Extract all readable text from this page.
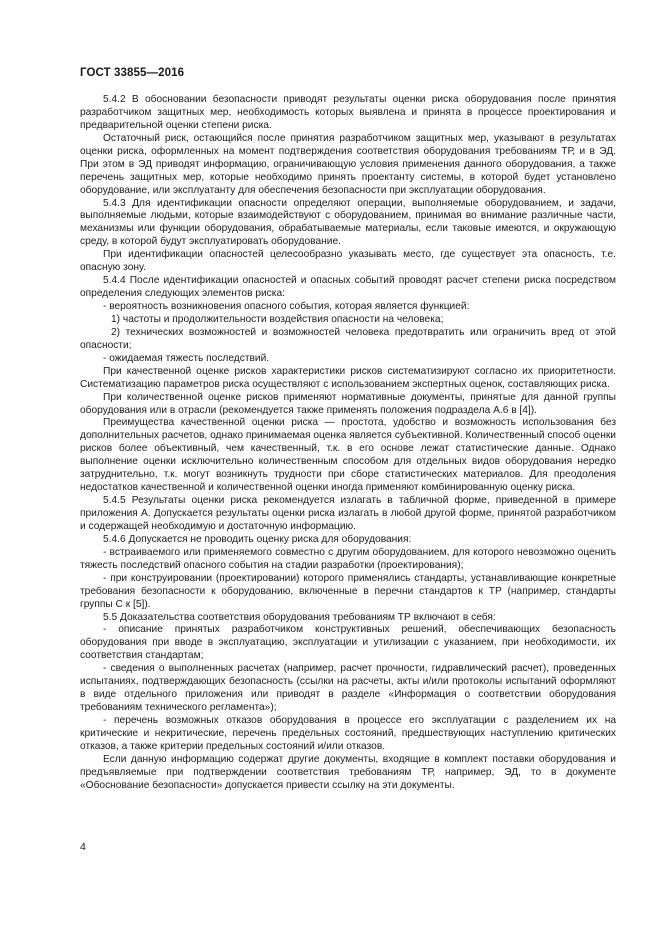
ГОСТ 33855—2016

5.4.2 В обосновании безопасности приводят результаты оценки риска оборудования после принятия разработчиком защитных мер, необходимость которых выявлена и принята в процессе проектирования и предварительной оценки степени риска.

Остаточный риск, остающийся после принятия разработчиком защитных мер, указывают в результатах оценки риска, оформленных на момент подтверждения соответствия оборудования требованиям ТР, и в ЭД. При этом в ЭД приводят информацию, ограничивающую условия применения данного оборудования, а также перечень защитных мер, которые необходимо принять проектанту системы, в которой будет установлено оборудование, или эксплуатанту для обеспечения безопасности при эксплуатации оборудования.

5.4.3 Для идентификации опасности определяют операции, выполняемые оборудованием, и задачи, выполняемые людьми, которые взаимодействуют с оборудованием, принимая во внимание различные части, механизмы или функции оборудования, обрабатываемые материалы, если таковые имеются, и окружающую среду, в которой будут эксплуатировать оборудование.

При идентификации опасностей целесообразно указывать место, где существует эта опасность, т.е. опасную зону.

5.4.4 После идентификации опасностей и опасных событий проводят расчет степени риска посредством определения следующих элементов риска:

- вероятность возникновения опасного события, которая является функцией:

1) частоты и продолжительности воздействия опасности на человека;

2) технических возможностей и возможностей человека предотвратить или ограничить вред от этой опасности;

- ожидаемая тяжесть последствий.

При качественной оценке рисков характеристики рисков систематизируют согласно их приоритетности. Систематизацию параметров риска осуществляют с использованием экспертных оценок, составляющих риска.

При количественной оценке рисков применяют нормативные документы, принятые для данной группы оборудования или в отрасли (рекомендуется также применять положения подраздела А.6 в [4]).

Преимущества качественной оценки риска — простота, удобство и возможность использования без дополнительных расчетов, однако принимаемая оценка является субъективной. Количественный способ оценки рисков более объективный, чем качественный, т.к. в его основе лежат статистические данные. Однако выполнение оценки исключительно количественным способом для отдельных видов оборудования нередко затруднительно, т.к. могут возникнуть трудности при сборе статистических материалов. Для преодоления недостатков качественной и количественной оценки иногда применяют комбинированную оценку риска.

5.4.5 Результаты оценки риска рекомендуется излагать в табличной форме, приведенной в примере приложения А. Допускается результаты оценки риска излагать в любой другой форме, принятой разработчиком и содержащей необходимую и достаточную информацию.

5.4.6 Допускается не проводить оценку риска для оборудования:

- встраиваемого или применяемого совместно с другим оборудованием, для которого невозможно оценить тяжесть последствий опасного события на стадии разработки (проектирования);

- при конструировании (проектировании) которого применялись стандарты, устанавливающие конкретные требования безопасности к оборудованию, включенные в перечни стандартов к ТР (например, стандарты группы С к [5]).

5.5 Доказательства соответствия оборудования требованиям ТР включают в себя:

- описание принятых разработчиком конструктивных решений, обеспечивающих безопасность оборудования при вводе в эксплуатацию, эксплуатации и утилизации с указанием, при необходимости, их соответствия стандартам;

- сведения о выполненных расчетах (например, расчет прочности, гидравлический расчет), проведенных испытаниях, подтверждающих безопасность (ссылки на расчеты, акты и/или протоколы испытаний оформляют в виде отдельного приложения или приводят в разделе «Информация о соответствии оборудования требованиям технического регламента»);

- перечень возможных отказов оборудования в процессе его эксплуатации с разделением их на критические и некритические, перечень предельных состояний, предшествующих наступлению критических отказов, а также критерии предельных состояний и/или отказов.

Если данную информацию содержат другие документы, входящие в комплект поставки оборудования и предъявляемые при подтверждении соответствия требованиям ТР, например, ЭД, то в документе «Обоснование безопасности» допускается привести ссылку на эти документы.

4
